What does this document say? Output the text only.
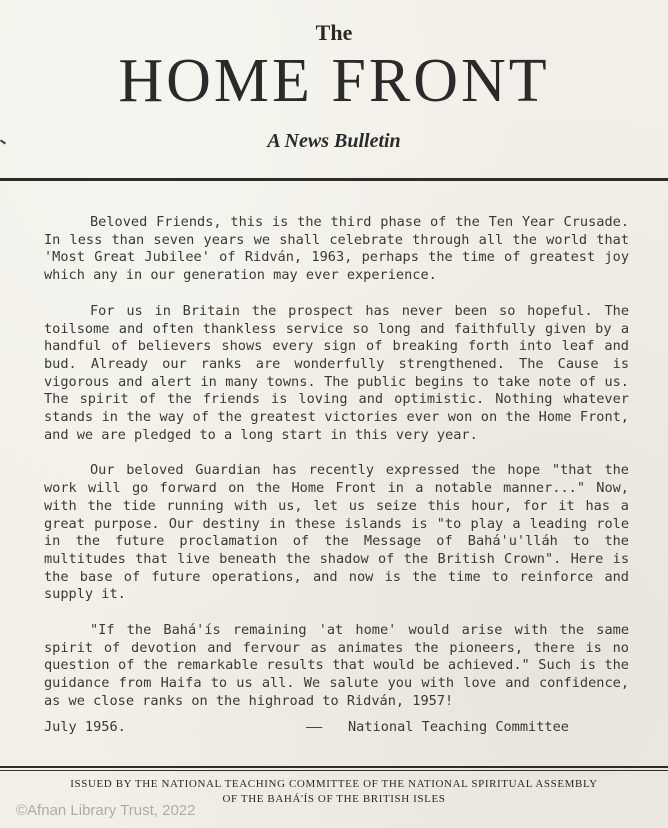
The
HOME FRONT
A News Bulletin

Beloved Friends, this is the third phase of the Ten Year Crusade. In less than seven years we shall celebrate through all the world that 'Most Great Jubilee' of Ridván, 1963, perhaps the time of greatest joy which any in our generation may ever experience.

For us in Britain the prospect has never been so hopeful. The toilsome and often thankless service so long and faithfully given by a handful of believers shows every sign of breaking forth into leaf and bud. Already our ranks are wonderfully strengthened. The Cause is vigorous and alert in many towns. The public begins to take note of us. The spirit of the friends is loving and optimistic. Nothing whatever stands in the way of the greatest victories ever won on the Home Front, and we are pledged to a long start in this very year.

Our beloved Guardian has recently expressed the hope "that the work will go forward on the Home Front in a notable manner..." Now, with the tide running with us, let us seize this hour, for it has a great purpose. Our destiny in these islands is "to play a leading role in the future proclamation of the Message of Bahá'u'lláh to the multitudes that live beneath the shadow of the British Crown". Here is the base of future operations, and now is the time to reinforce and supply it.

"If the Bahá'ís remaining 'at home' would arise with the same spirit of devotion and fervour as animates the pioneers, there is no question of the remarkable results that would be achieved." Such is the guidance from Haifa to us all. We salute you with love and confidence, as we close ranks on the highroad to Ridván, 1957!

July 1956.	—— National Teaching Committee
ISSUED BY THE NATIONAL TEACHING COMMITTEE OF THE NATIONAL SPIRITUAL ASSEMBLY
OF THE BAHÁ'ÍS OF THE BRITISH ISLES
©Afnan Library Trust, 2022
